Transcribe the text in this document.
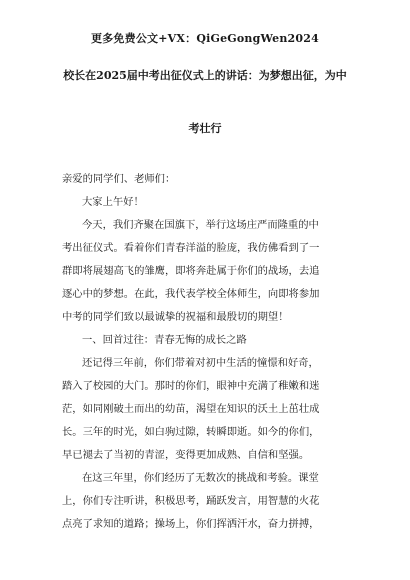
更多免费公文+VX：QiGeGongWen2024
校长在2025届中考出征仪式上的讲话：为梦想出征，为中
考壮行
亲爱的同学们、老师们：
大家上午好！
今天，我们齐聚在国旗下，举行这场庄严而隆重的中
考出征仪式。看着你们青春洋溢的脸庞，我仿佛看到了一
群即将展翅高飞的雏鹰，即将奔赴属于你们的战场，去追
逐心中的梦想。在此，我代表学校全体师生，向即将参加
中考的同学们致以最诚挚的祝福和最殷切的期望！
一、回首过往：青春无悔的成长之路
还记得三年前，你们带着对初中生活的憧憬和好奇，
踏入了校园的大门。那时的你们，眼神中充满了稚嫩和迷
茫，如同刚破土而出的幼苗，渴望在知识的沃土上茁壮成
长。三年的时光，如白驹过隙，转瞬即逝。如今的你们，
早已褪去了当初的青涩，变得更加成熟、自信和坚强。
在这三年里，你们经历了无数次的挑战和考验。课堂
上，你们专注听讲，积极思考，踊跃发言，用智慧的火花
点亮了求知的道路；操场上，你们挥洒汗水，奋力拼搏，
